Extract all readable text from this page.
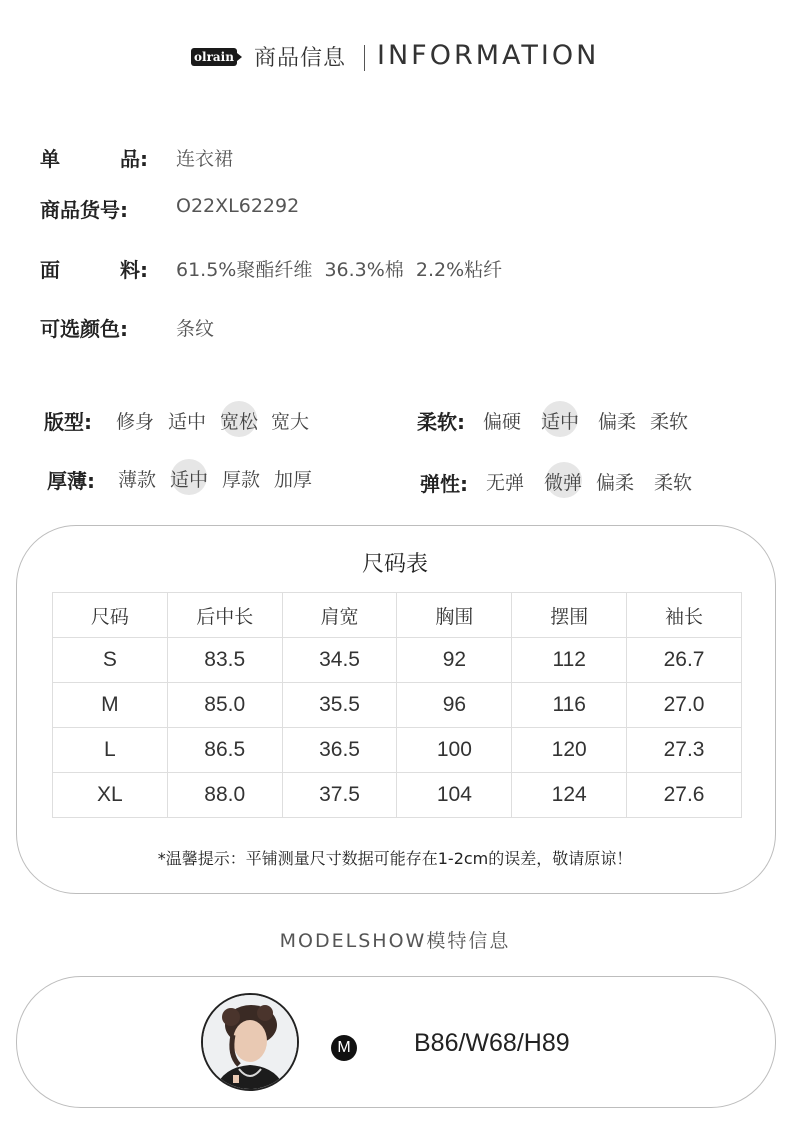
olrain 商品信息 INFORMATION
单	品: 连衣裙
商品货号:	O22XL62292
面	料: 61.5%聚酯纤维  36.3%棉  2.2%粘纤
可选颜色:	条纹
版型: 修身 适中 宽松 宽大	柔软: 偏硬 适中 偏柔 柔软
厚薄: 薄款 适中 厚款 加厚	弹性: 无弹 微弹 偏柔 柔软
尺码表
尺码	后中长	肩宽	胸围	摆围	袖长
S	83.5	34.5	92	112	26.7
M	85.0	35.5	96	116	27.0
L	86.5	36.5	100	120	27.3
XL	88.0	37.5	104	124	27.6
*温馨提示：平铺测量尺寸数据可能存在1-2cm的误差，敬请原谅！
MODELSHOW模特信息
M	B86/W68/H89
